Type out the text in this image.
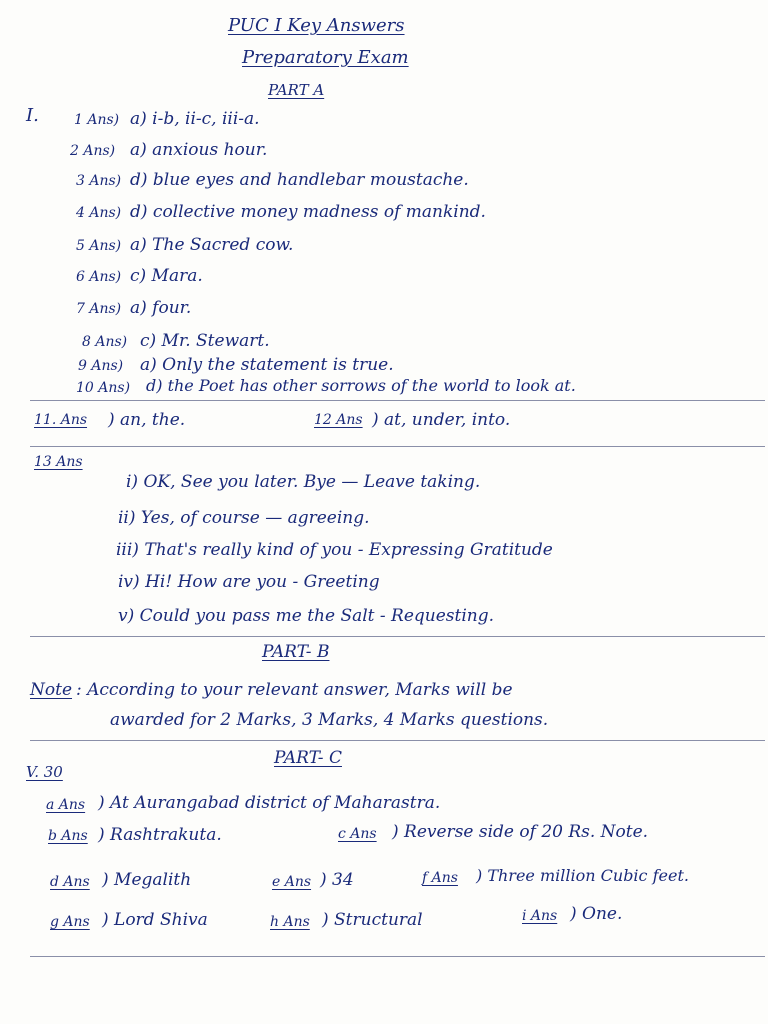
PUC I Key Answers
Preparatory Exam
PART A
I.	1 Ans) a) i-b, ii-c, iii-a.
2 Ans) a) anxious hour.
3 Ans) d) blue eyes and handlebar moustache.
4 Ans) d) collective money madness of mankind.
5 Ans) a) The Sacred cow.
6 Ans) c) Mara.
7 Ans) a) four.
8 Ans) c) Mr. Stewart.
9 Ans) a) Only the statement is true.
10 Ans) d) the Poet has other sorrows of the world to look at.
11. Ans ) an, the.	12 Ans ) at, under, into.
13 Ans
i) OK, See you later. Bye — Leave taking.
ii) Yes, of course — agreeing.
iii) That's really kind of you - Expressing Gratitude
iv) Hi! How are you - Greeting
v) Could you pass me the Salt - Requesting.
PART- B
Note : According to your relevant answer, Marks will be
awarded for 2 Marks, 3 Marks, 4 Marks questions.
PART- C
V. 30
a Ans ) At Aurangabad district of Maharastra.
b Ans ) Rashtrakuta.	c Ans ) Reverse side of 20 Rs. Note.
d Ans ) Megalith	e Ans ) 34	f Ans ) Three million Cubic feet.
g Ans ) Lord Shiva	h Ans ) Structural	i Ans ) One.
